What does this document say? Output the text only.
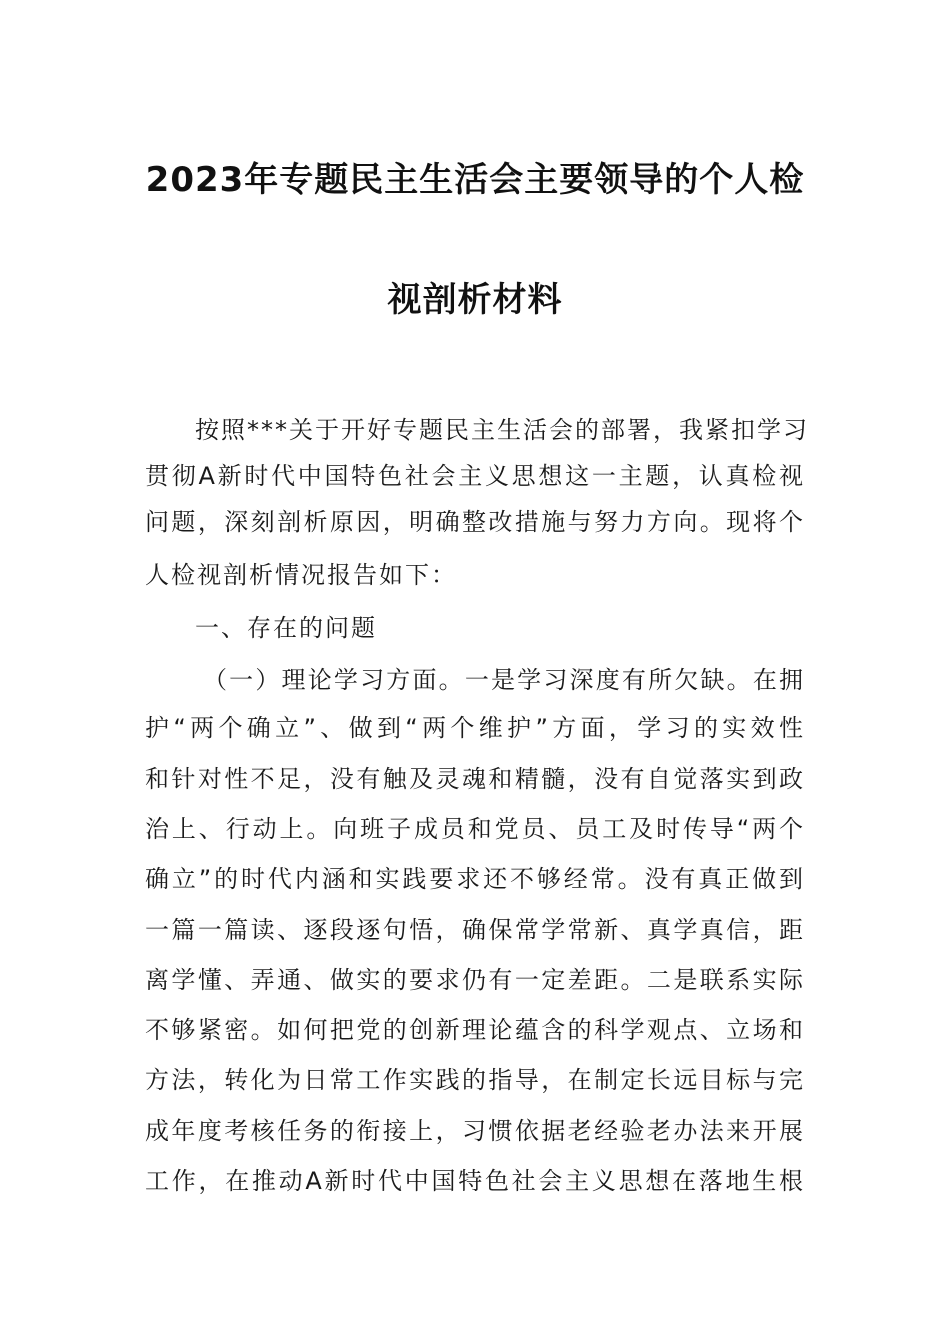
2023年专题民主生活会主要领导的个人检
视剖析材料
按照***关于开好专题民主生活会的部署，我紧扣学习
贯彻A新时代中国特色社会主义思想这一主题，认真检视
问题，深刻剖析原因，明确整改措施与努力方向。现将个
人检视剖析情况报告如下：
一、存在的问题
（一）理论学习方面。一是学习深度有所欠缺。在拥
护“两个确立”、做到“两个维护”方面，学习的实效性
和针对性不足，没有触及灵魂和精髓，没有自觉落实到政
治上、行动上。向班子成员和党员、员工及时传导“两个
确立”的时代内涵和实践要求还不够经常。没有真正做到
一篇一篇读、逐段逐句悟，确保常学常新、真学真信，距
离学懂、弄通、做实的要求仍有一定差距。二是联系实际
不够紧密。如何把党的创新理论蕴含的科学观点、立场和
方法，转化为日常工作实践的指导，在制定长远目标与完
成年度考核任务的衔接上，习惯依据老经验老办法来开展
工作，在推动A新时代中国特色社会主义思想在落地生根
